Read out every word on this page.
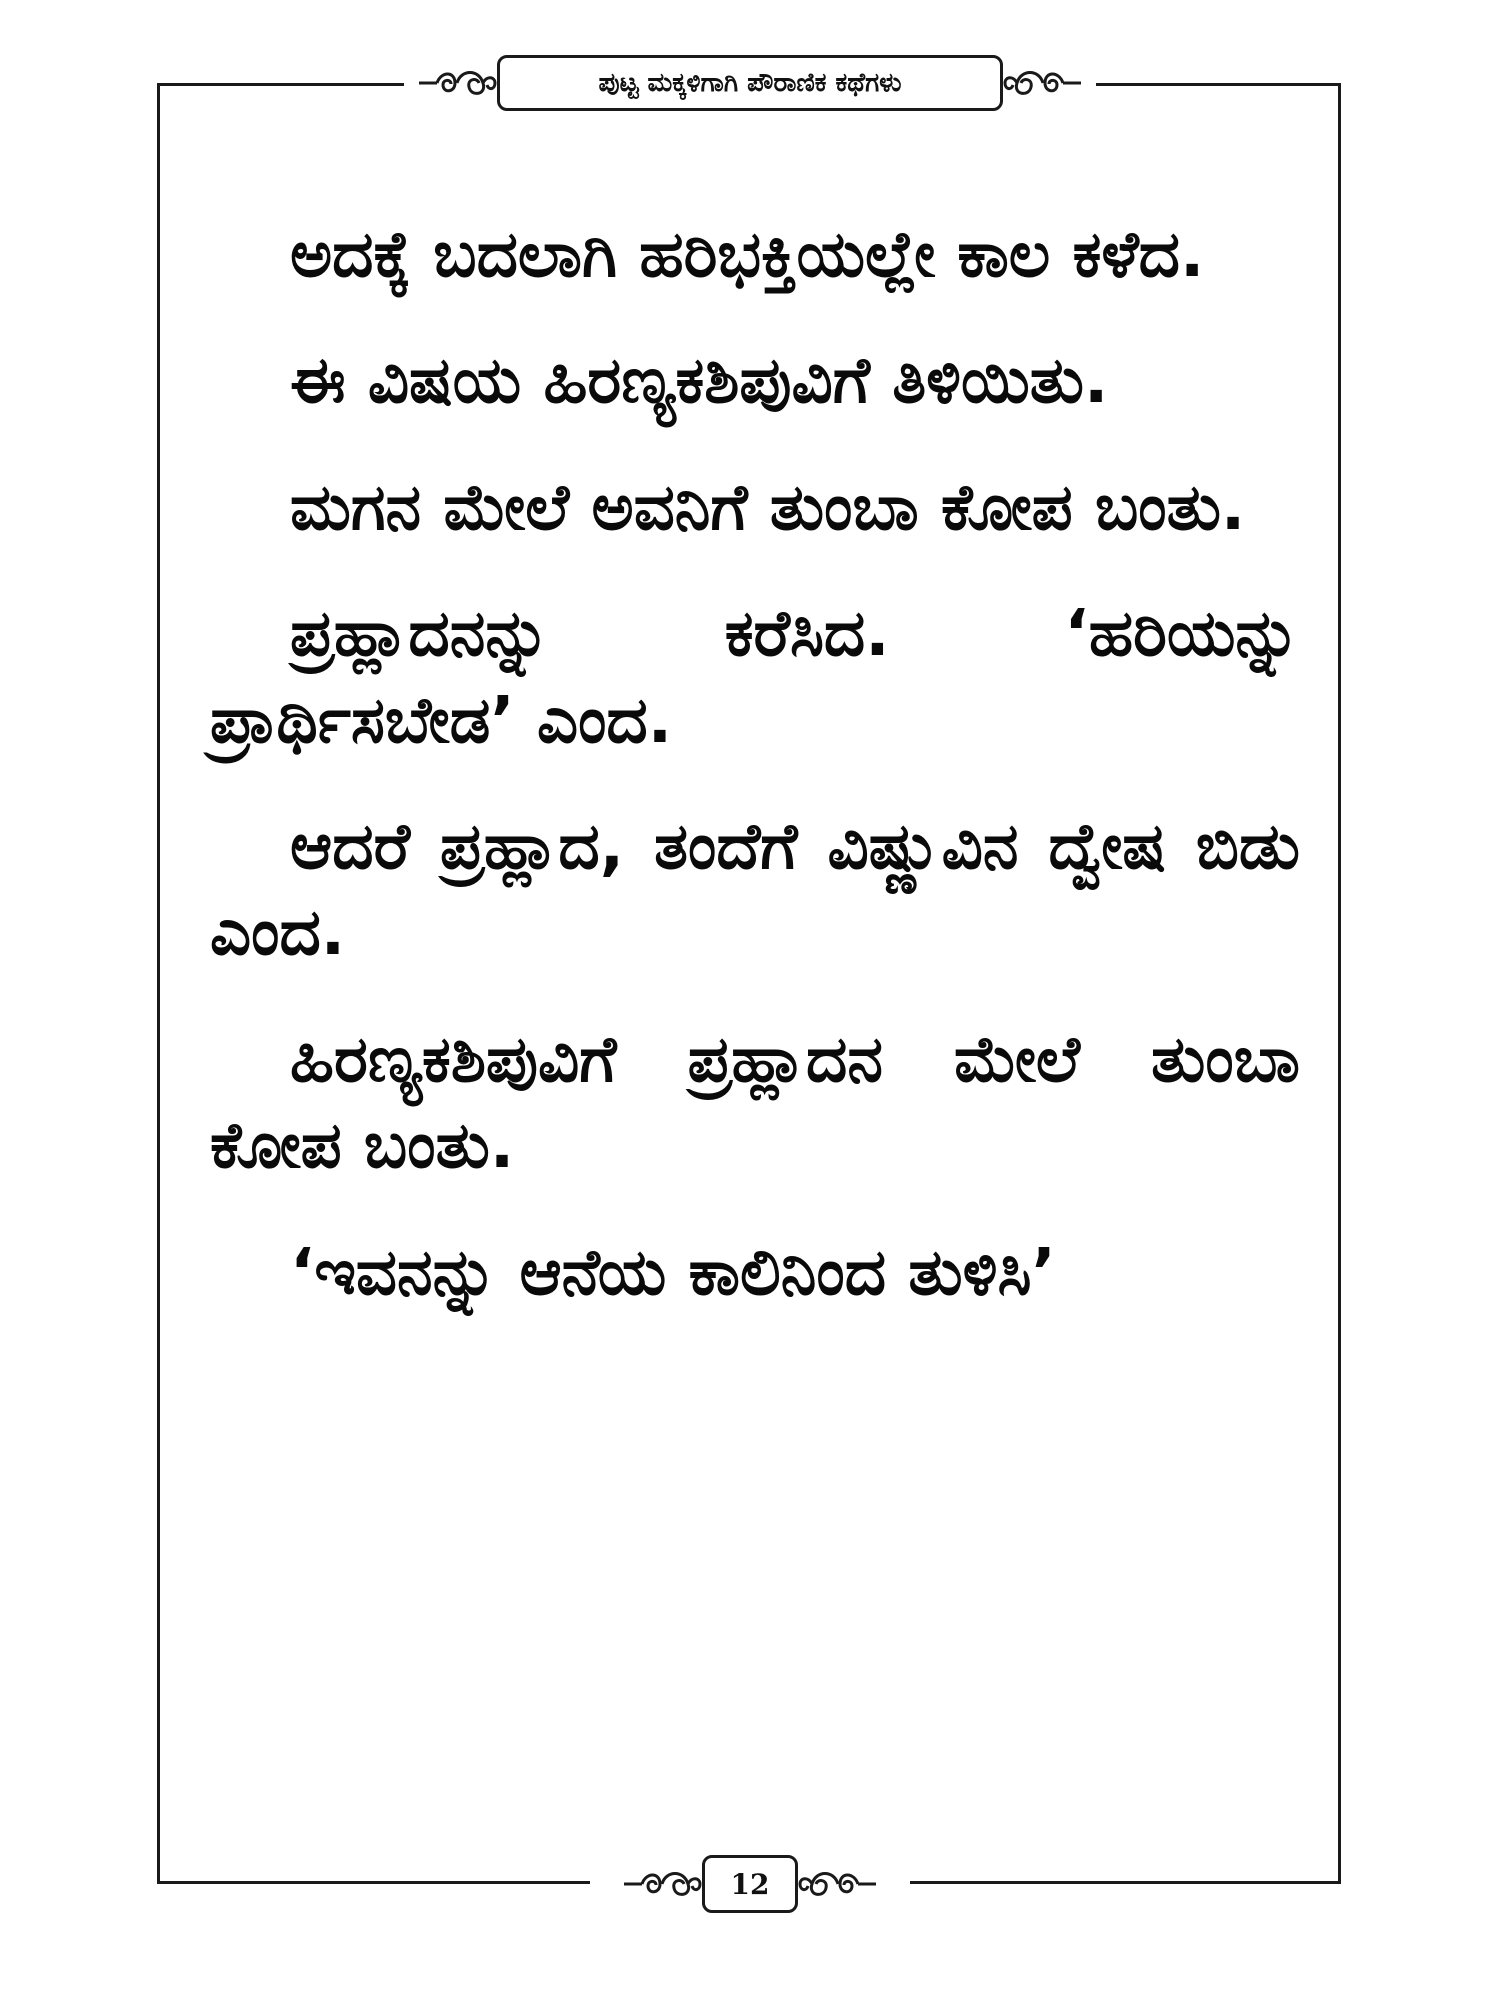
ಪುಟ್ಟ ಮಕ್ಕಳಿಗಾಗಿ ಪೌರಾಣಿಕ ಕಥೆಗಳು

ಅದಕ್ಕೆ ಬದಲಾಗಿ ಹರಿಭಕ್ತಿಯಲ್ಲೇ ಕಾಲ ಕಳೆದ.

ಈ ವಿಷಯ ಹಿರಣ್ಯಕಶಿಪುವಿಗೆ ತಿಳಿಯಿತು.

ಮಗನ ಮೇಲೆ ಅವನಿಗೆ ತುಂಬಾ ಕೋಪ ಬಂತು.

ಪ್ರಹ್ಲಾದನನ್ನು ಕರೆಸಿದ. ‘ಹರಿಯನ್ನು ಪ್ರಾರ್ಥಿಸಬೇಡ’ ಎಂದ.

ಆದರೆ ಪ್ರಹ್ಲಾದ, ತಂದೆಗೆ ವಿಷ್ಣುವಿನ ದ್ವೇಷ ಬಿಡು ಎಂದ.

ಹಿರಣ್ಯಕಶಿಪುವಿಗೆ ಪ್ರಹ್ಲಾದನ ಮೇಲೆ ತುಂಬಾ ಕೋಪ ಬಂತು.

‘ಇವನನ್ನು ಆನೆಯ ಕಾಲಿನಿಂದ ತುಳಿಸಿ’

12
